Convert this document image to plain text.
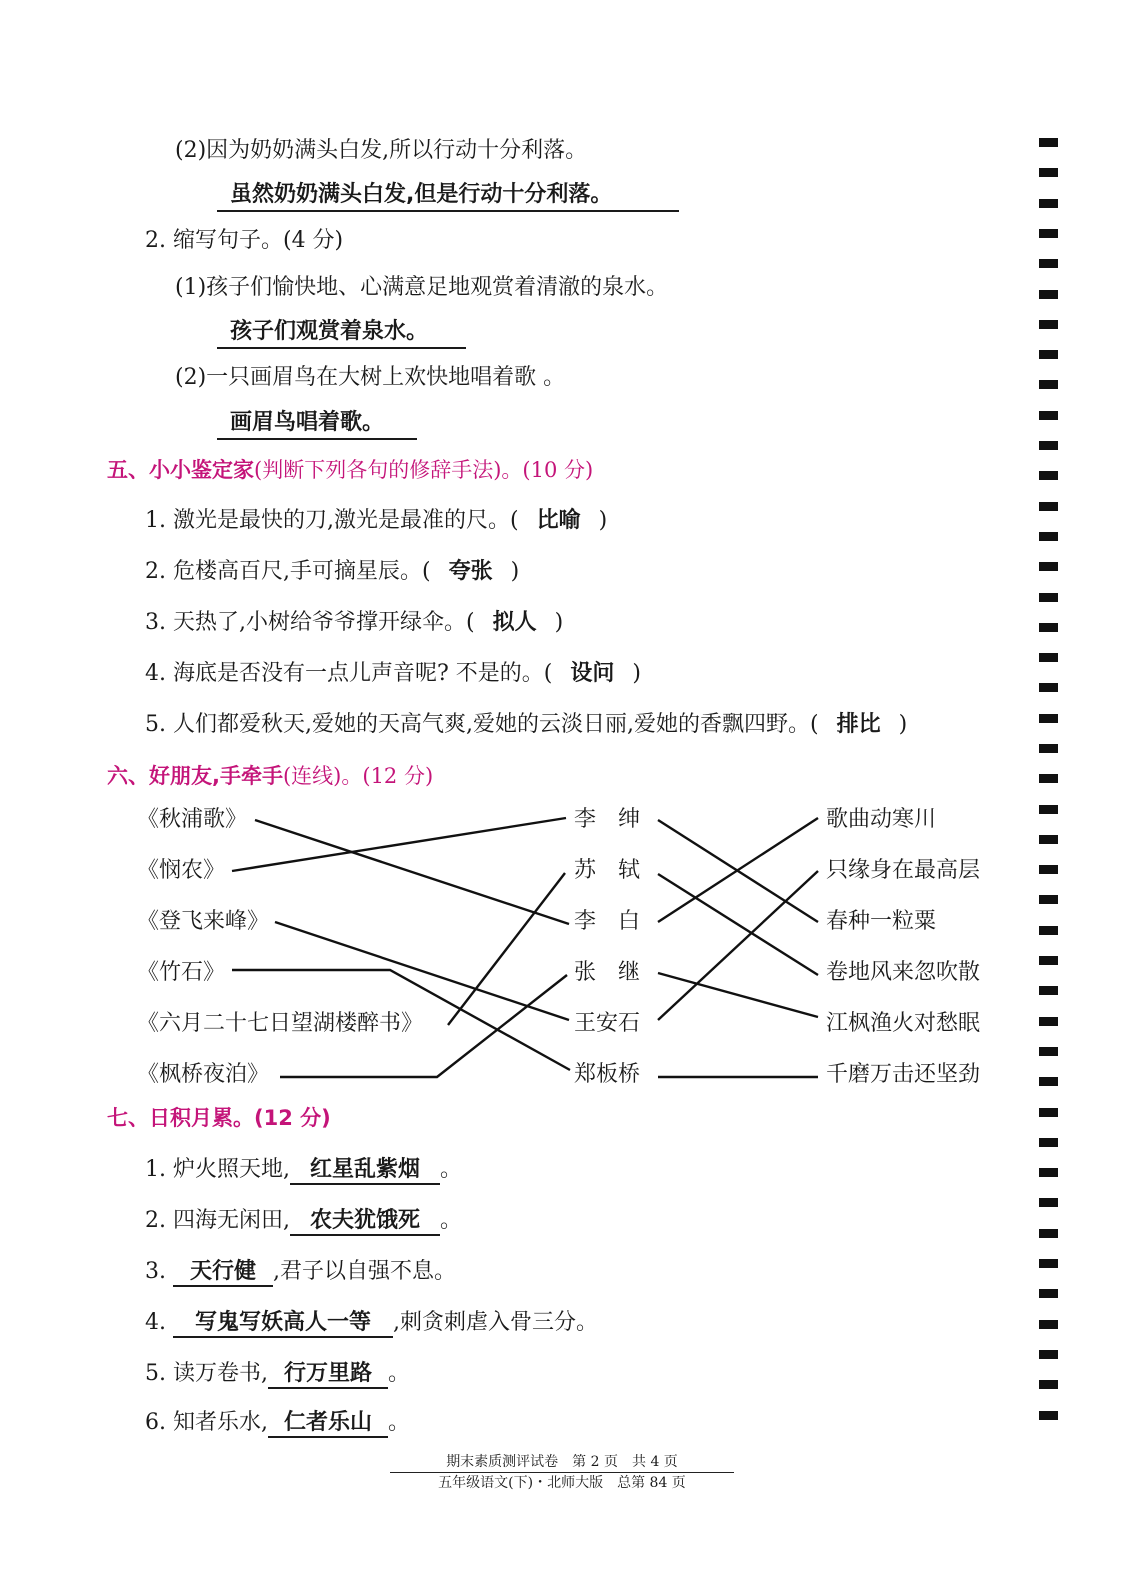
(2)因为奶奶满头白发,所以行动十分利落。
虽然奶奶满头白发,但是行动十分利落。
2. 缩写句子。(4 分)
(1)孩子们愉快地、心满意足地观赏着清澈的泉水。
孩子们观赏着泉水。
(2)一只画眉鸟在大树上欢快地唱着歌 。
画眉鸟唱着歌。
五、小小鉴定家(判断下列各句的修辞手法)。(10 分)
1. 激光是最快的刀,激光是最准的尺。( 比喻 )
2. 危楼高百尺,手可摘星辰。( 夸张 )
3. 天热了,小树给爷爷撑开绿伞。( 拟人 )
4. 海底是否没有一点儿声音呢? 不是的。( 设问 )
5. 人们都爱秋天,爱她的天高气爽,爱她的云淡日丽,爱她的香飘四野。( 排比 )
六、好朋友,手牵手(连线)。(12 分)
《秋浦歌》
《悯农》
《登飞来峰》
《竹石》
《六月二十七日望湖楼醉书》
《枫桥夜泊》
李　绅
苏　轼
李　白
张　继
王安石
郑板桥
歌曲动寒川
只缘身在最高层
春种一粒粟
卷地风来忽吹散
江枫渔火对愁眠
千磨万击还坚劲
七、日积月累。(12 分)
1. 炉火照天地, 红星乱紫烟 。
2. 四海无闲田, 农夫犹饿死 。
3. 天行健 ,君子以自强不息。
4. 写鬼写妖高人一等 ,刺贪刺虐入骨三分。
5. 读万卷书, 行万里路 。
6. 知者乐水, 仁者乐山 。
期末素质测评试卷　第 2 页　共 4 页
五年级语文(下)・北师大版　总第 84 页
